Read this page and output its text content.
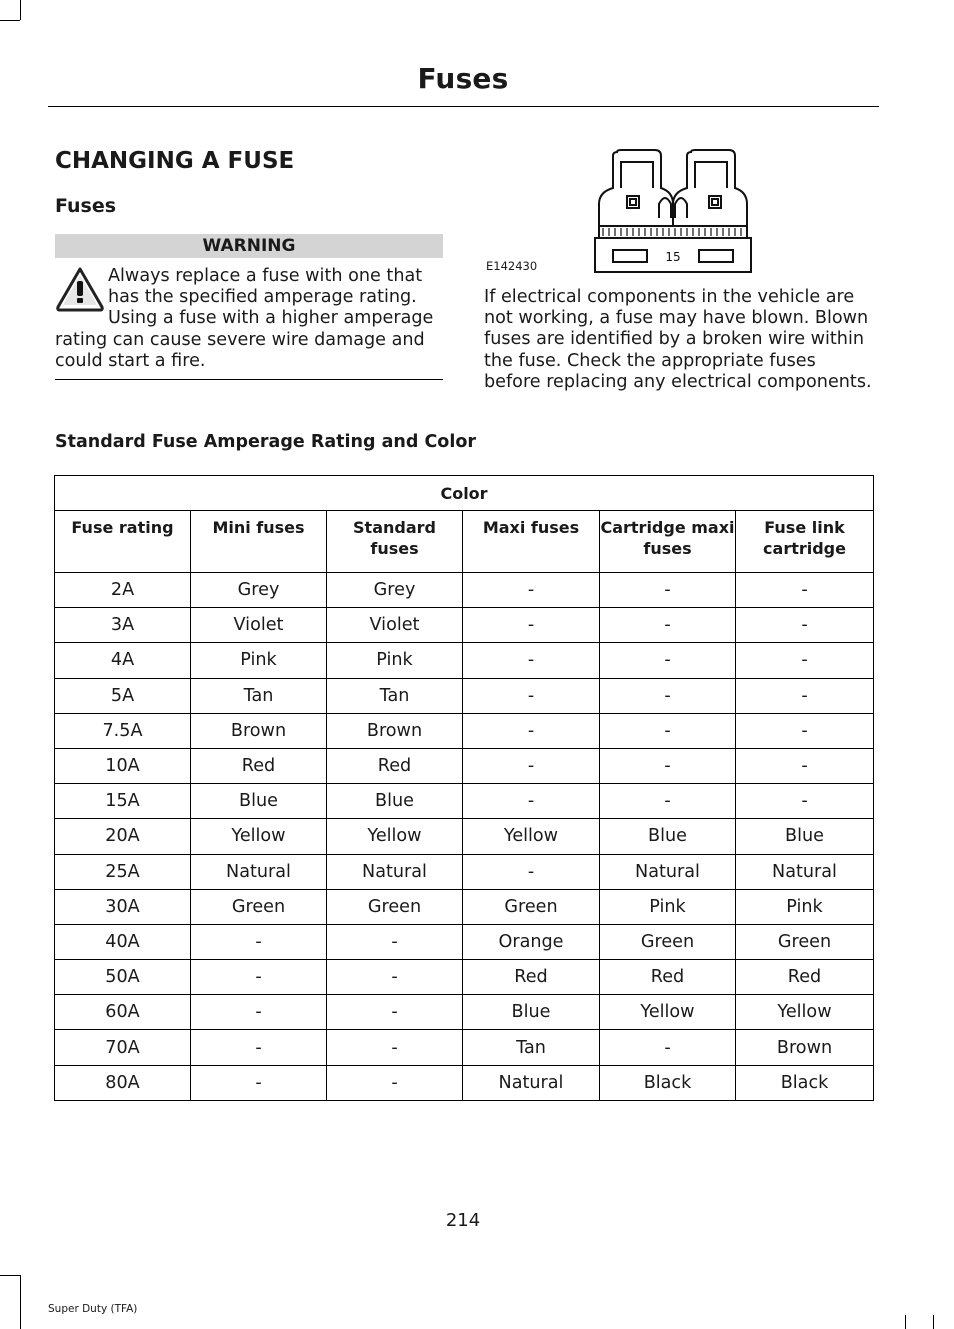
Fuses
CHANGING A FUSE
Fuses
WARNING
Always replace a fuse with one that has the specified amperage rating. Using a fuse with a higher amperage rating can cause severe wire damage and could start a fire.
15
E142430
If electrical components in the vehicle are not working, a fuse may have blown. Blown fuses are identified by a broken wire within the fuse. Check the appropriate fuses before replacing any electrical components.
Standard Fuse Amperage Rating and Color
Color					
Fuse rating	Mini fuses	Standard fuses	Maxi fuses	Cartridge maxi fuses	Fuse link cartridge
2A	Grey	Grey	-	-	-
3A	Violet	Violet	-	-	-
4A	Pink	Pink	-	-	-
5A	Tan	Tan	-	-	-
7.5A	Brown	Brown	-	-	-
10A	Red	Red	-	-	-
15A	Blue	Blue	-	-	-
20A	Yellow	Yellow	Yellow	Blue	Blue
25A	Natural	Natural	-	Natural	Natural
30A	Green	Green	Green	Pink	Pink
40A	-	-	Orange	Green	Green
50A	-	-	Red	Red	Red
60A	-	-	Blue	Yellow	Yellow
70A	-	-	Tan	-	Brown
80A	-	-	Natural	Black	Black
214
Super Duty (TFA)
